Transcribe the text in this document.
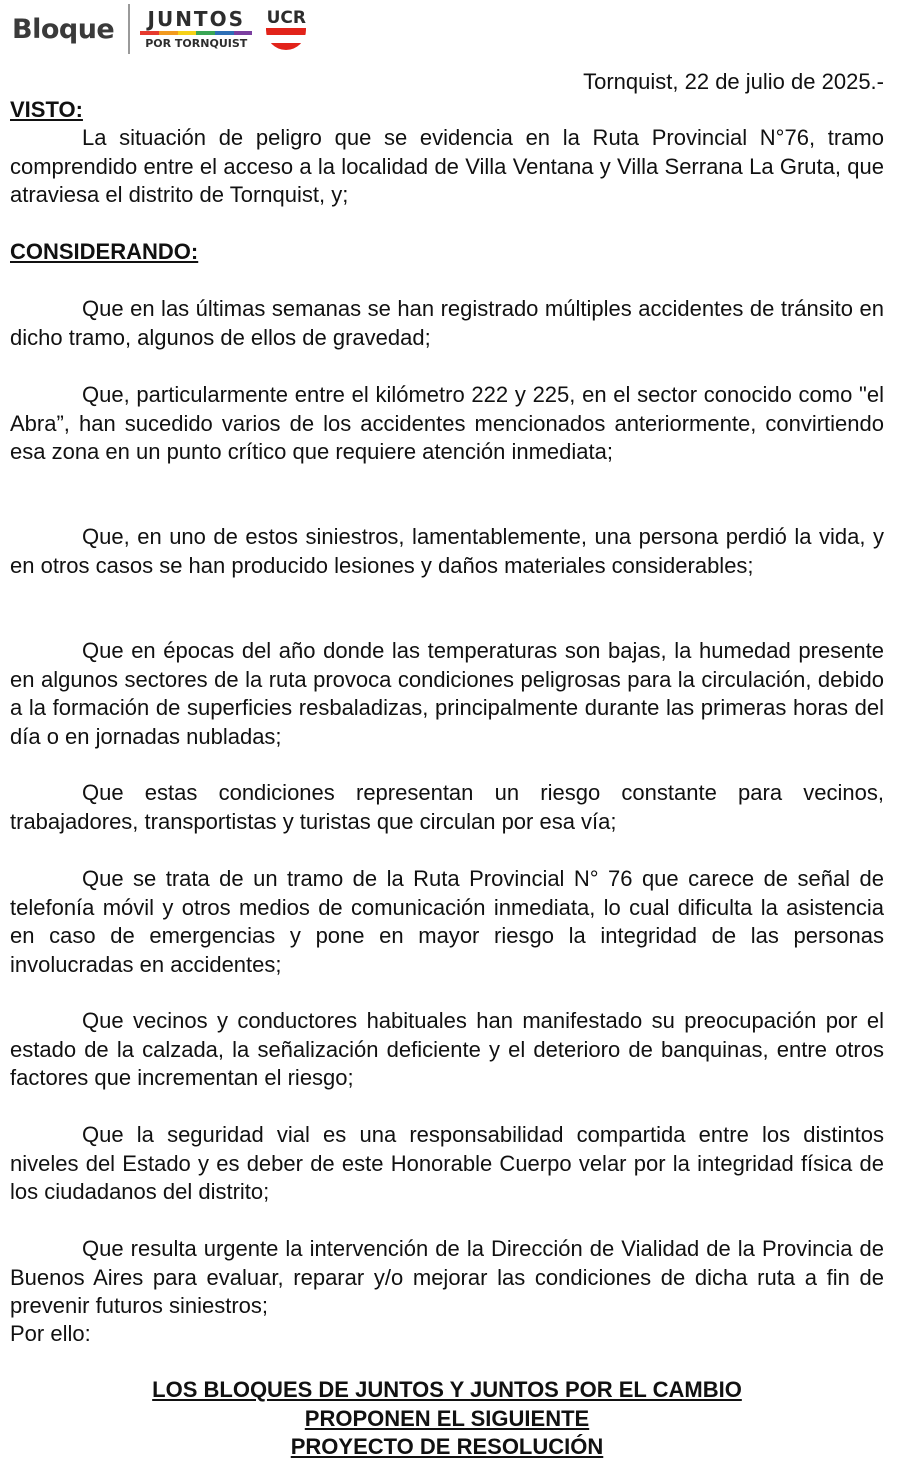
Bloque JUNTOS
POR TORNQUIST
UCR
Tornquist, 22 de julio de 2025.-
VISTO:

La situación de peligro que se evidencia en la Ruta Provincial N°76, tramo comprendido entre el acceso a la localidad de Villa Ventana y Villa Serrana La Gruta, que atraviesa el distrito de Tornquist, y;

CONSIDERANDO:

Que en las últimas semanas se han registrado múltiples accidentes de tránsito en dicho tramo, algunos de ellos de gravedad;

Que, particularmente entre el kilómetro 222 y 225, en el sector conocido como "el Abra”, han sucedido varios de los accidentes mencionados anteriormente, convirtiendo esa zona en un punto crítico que requiere atención inmediata;

Que, en uno de estos siniestros, lamentablemente, una persona perdió la vida, y en otros casos se han producido lesiones y daños materiales considerables;

Que en épocas del año donde las temperaturas son bajas, la humedad presente en algunos sectores de la ruta provoca condiciones peligrosas para la circulación, debido a la formación de superficies resbaladizas, principalmente durante las primeras horas del día o en jornadas nubladas;

Que estas condiciones representan un riesgo constante para vecinos, trabajadores, transportistas y turistas que circulan por esa vía;

Que se trata de un tramo de la Ruta Provincial N° 76 que carece de señal de telefonía móvil y otros medios de comunicación inmediata, lo cual dificulta la asistencia en caso de emergencias y pone en mayor riesgo la integridad de las personas involucradas en accidentes;

Que vecinos y conductores habituales han manifestado su preocupación por el estado de la calzada, la señalización deficiente y el deterioro de banquinas, entre otros factores que incrementan el riesgo;

Que la seguridad vial es una responsabilidad compartida entre los distintos niveles del Estado y es deber de este Honorable Cuerpo velar por la integridad física de los ciudadanos del distrito;

Que resulta urgente la intervención de la Dirección de Vialidad de la Provincia de Buenos Aires para evaluar, reparar y/o mejorar las condiciones de dicha ruta a fin de prevenir futuros siniestros;

Por ello:
LOS BLOQUES DE JUNTOS Y JUNTOS POR EL CAMBIO
PROPONEN EL SIGUIENTE
PROYECTO DE RESOLUCIÓN
